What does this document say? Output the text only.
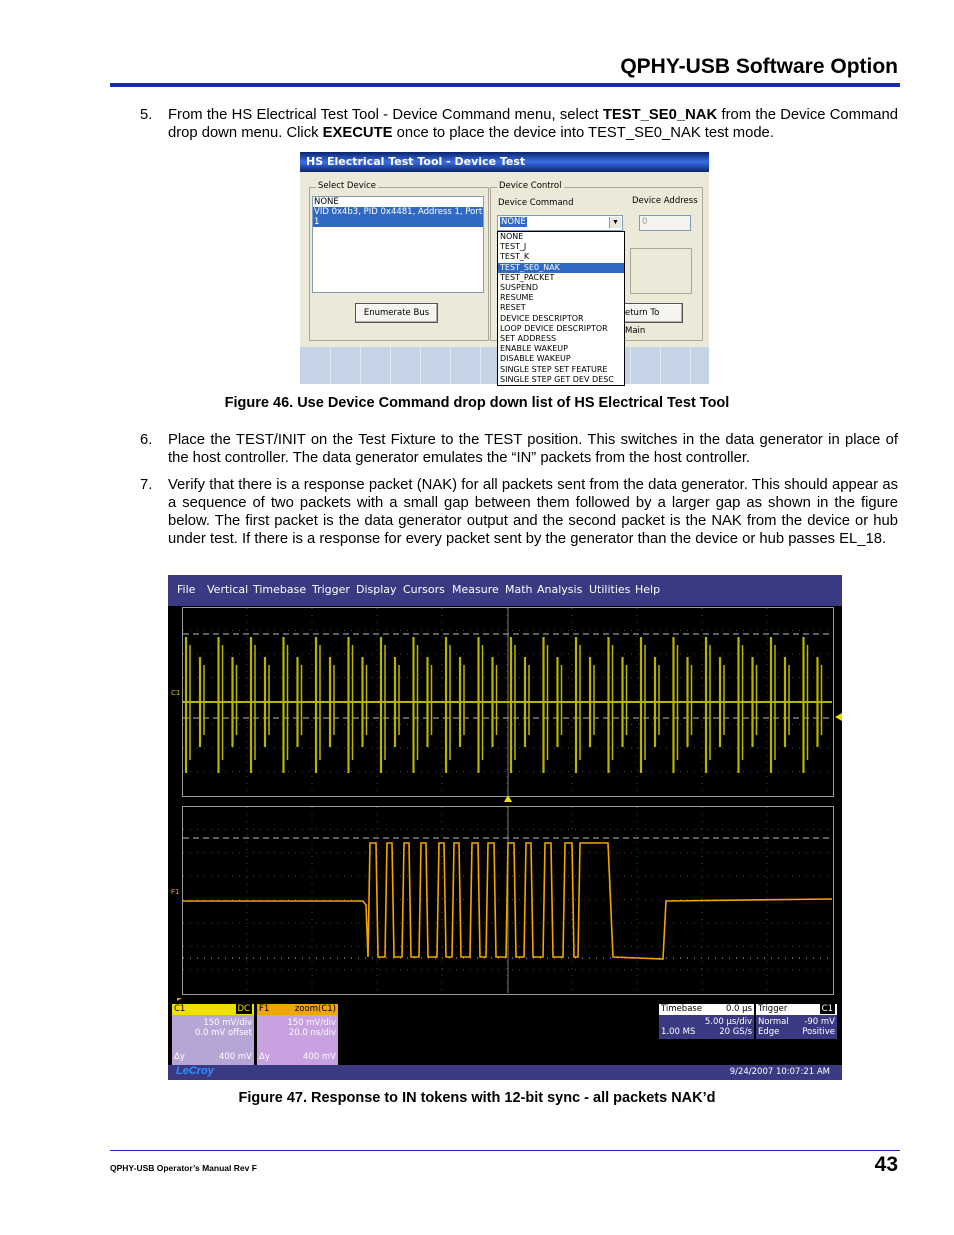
QPHY-USB Software Option
5. From the HS Electrical Test Tool - Device Command menu, select TEST_SE0_NAK from the Device Command drop down menu. Click EXECUTE once to place the device into TEST_SE0_NAK test mode.
HS Electrical Test Tool - Device Test
Select Device
NONE
VID 0x4b3, PID 0x4481, Address 1, Port 1
Enumerate Bus
Device Control
Device Command	Device Address
NONE	▼	0
eturn To Main
NONE
TEST_J
TEST_K
TEST_SE0_NAK
TEST_PACKET
SUSPEND
RESUME
RESET
DEVICE DESCRIPTOR
LOOP DEVICE DESCRIPTOR
SET ADDRESS
ENABLE WAKEUP
DISABLE WAKEUP
SINGLE STEP SET FEATURE
SINGLE STEP GET DEV DESC
Figure 46. Use Device Command drop down list of HS Electrical Test Tool
6. Place the TEST/INIT on the Test Fixture to the TEST position. This switches in the data generator in place of the host controller. The data generator emulates the “IN” packets from the host controller.
7. Verify that there is a response packet (NAK) for all packets sent from the data generator. This should appear as a sequence of two packets with a small gap between them followed by a larger gap as shown in the figure below. The first packet is the data generator output and the second packet is the NAK from the device or hub under test. If there is a response for every packet sent by the generator than the device or hub passes EL_18.
File Vertical Timebase Trigger Display Cursors Measure Math Analysis Utilities Help
C1
F1
C1	DC
150 mV/div
0.0 mV offset
Δy	400 mV
F1	zoom(C1)
150 mV/div
20.0 ns/div
Δy	400 mV
Timebase	0.0 µs
5.00 µs/div
1.00 MS	20 GS/s
Trigger	C1
Normal -90 mV
Edge	Positive
LeCroy	9/24/2007 10:07:21 AM
Figure 47. Response to IN tokens with 12-bit sync - all packets NAK’d
QPHY-USB Operator’s Manual Rev F	43
